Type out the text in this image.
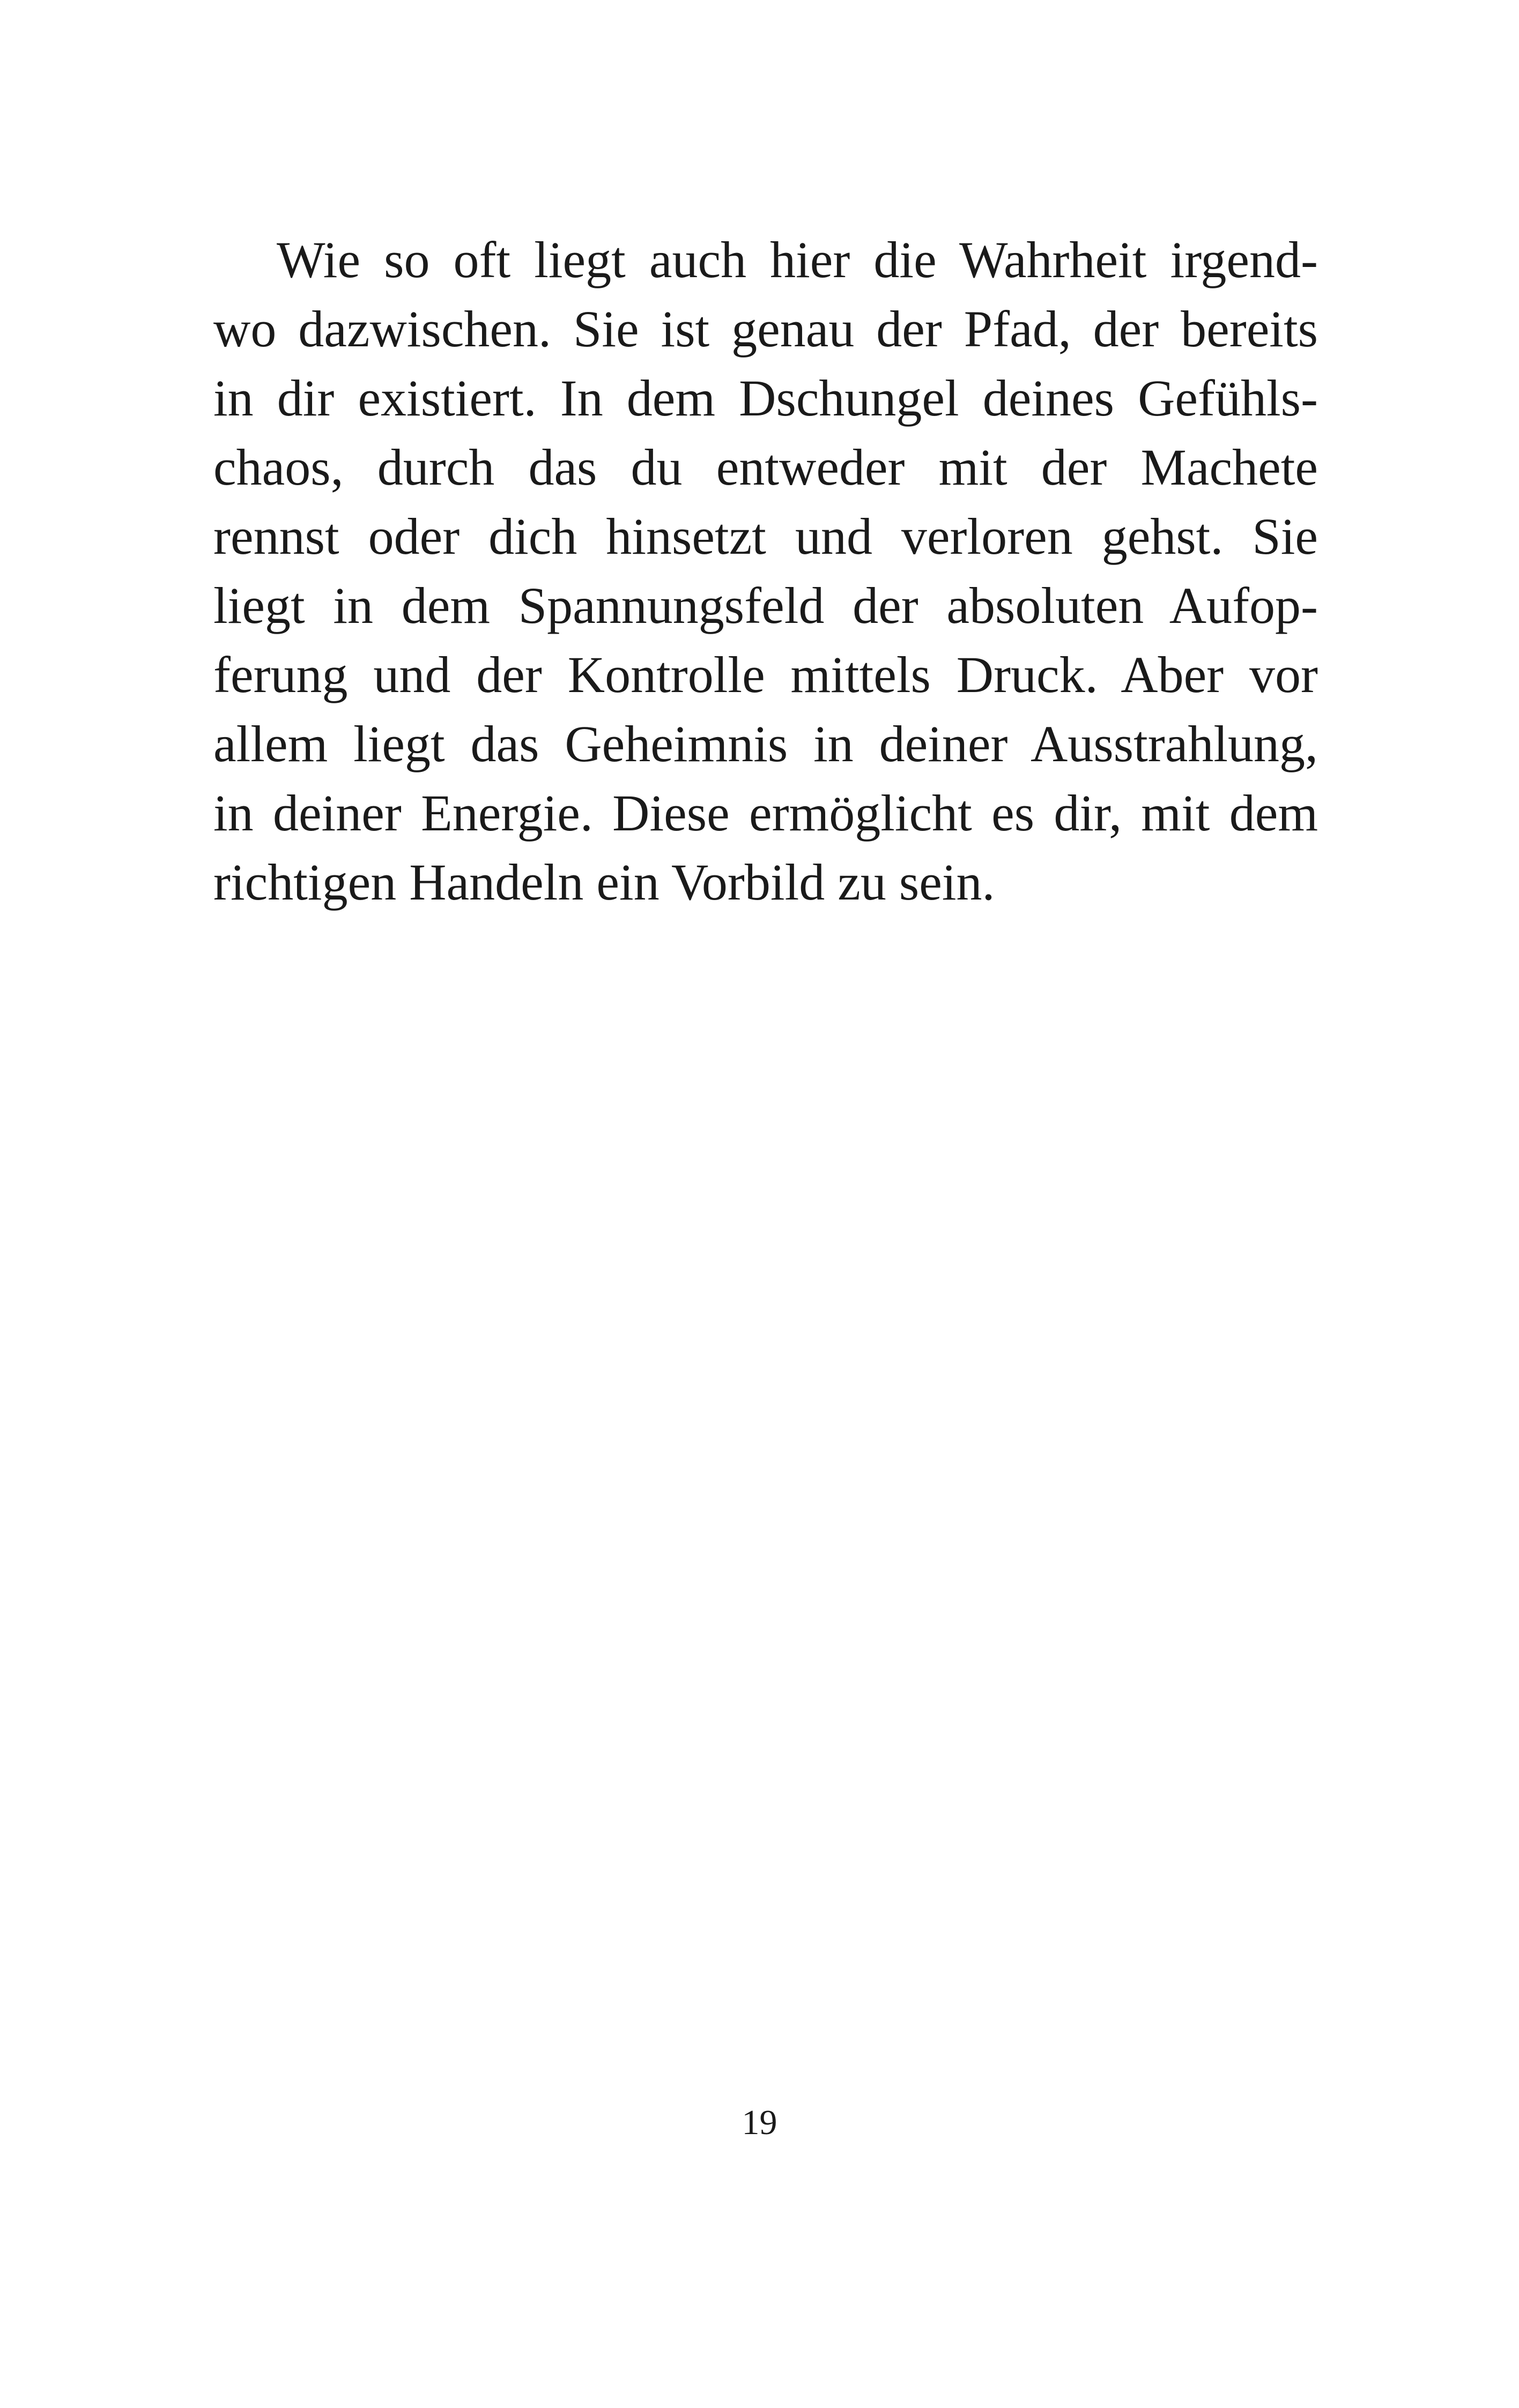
Wie so oft liegt auch hier die Wahrheit irgend-
wo dazwischen. Sie ist genau der Pfad, der bereits
in dir existiert. In dem Dschungel deines Gefühls-
chaos, durch das du entweder mit der Machete
rennst oder dich hinsetzt und verloren gehst. Sie
liegt in dem Spannungsfeld der absoluten Aufop-
ferung und der Kontrolle mittels Druck. Aber vor
allem liegt das Geheimnis in deiner Ausstrahlung,
in deiner Energie. Diese ermöglicht es dir, mit dem
richtigen Handeln ein Vorbild zu sein.
19
